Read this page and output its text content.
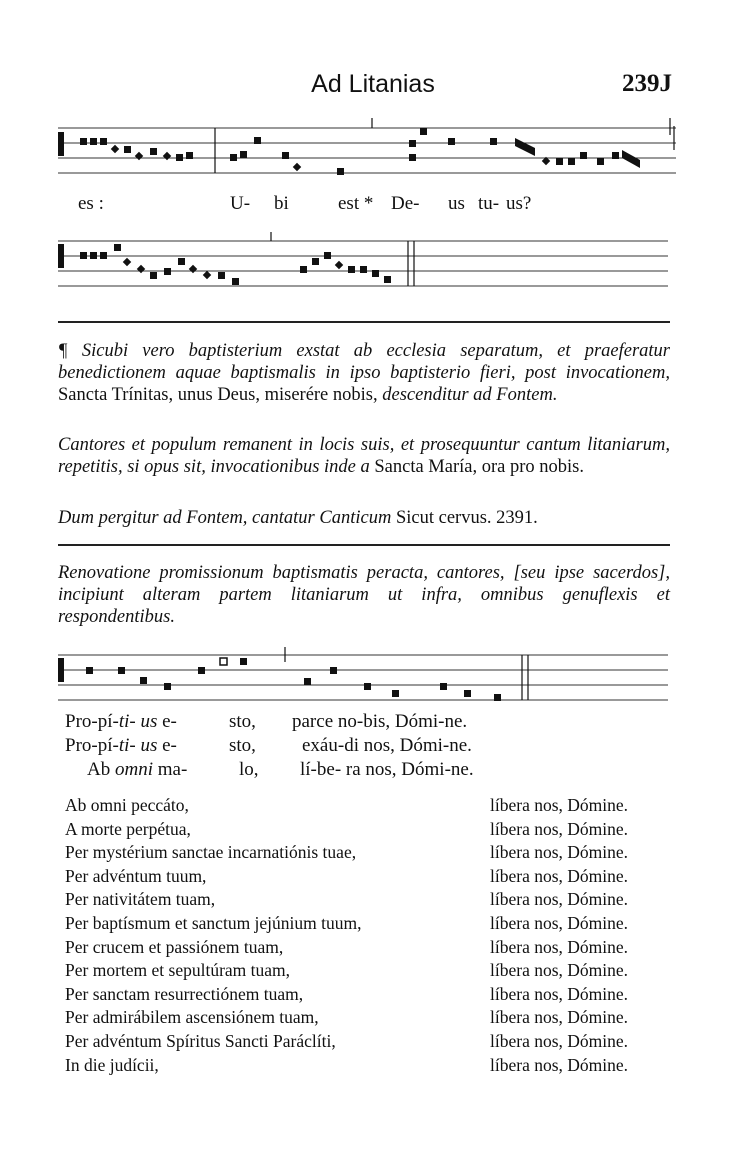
Ad Litanias	239J
es :	U- bi	est * De- us tu- us?
¶ Sicubi vero baptisterium exstat ab ecclesia separatum, et praeferatur benedictionem aquae baptismalis in ipso baptisterio fieri, post invocationem, Sancta Trínitas, unus Deus, miserére nobis, descenditur ad Fontem.
Cantores et populum remanent in locis suis, et prosequuntur cantum litaniarum, repetitis, si opus sit, invocationibus inde a Sancta María, ora pro nobis.
Dum pergitur ad Fontem, cantatur Canticum Sicut cervus. 2391.
Renovatione promissionum baptismatis peracta, cantores, [seu ipse sacerdos], incipiunt alteram partem litaniarum ut infra, omnibus genuflexis et respondentibus.
Pro-pí-ti- us e-	sto, parce no-bis, Dómi-ne.
Pro-pí-ti- us e-	sto, exáu-di nos, Dómi-ne.
Ab omni ma-	lo, lí-be- ra nos, Dómi-ne.
Ab omni peccáto,	líbera nos, Dómine.
A morte perpétua,	líbera nos, Dómine.
Per mystérium sanctae incarnatiónis tuae,	líbera nos, Dómine.
Per advéntum tuum,	líbera nos, Dómine.
Per nativitátem tuam,	líbera nos, Dómine.
Per baptísmum et sanctum jejúnium tuum,	líbera nos, Dómine.
Per crucem et passiónem tuam,	líbera nos, Dómine.
Per mortem et sepultúram tuam,	líbera nos, Dómine.
Per sanctam resurrectiónem tuam,	líbera nos, Dómine.
Per admirábilem ascensiónem tuam,	líbera nos, Dómine.
Per advéntum Spíritus Sancti Paráclíti,	líbera nos, Dómine.
In die judícii,	líbera nos, Dómine.
